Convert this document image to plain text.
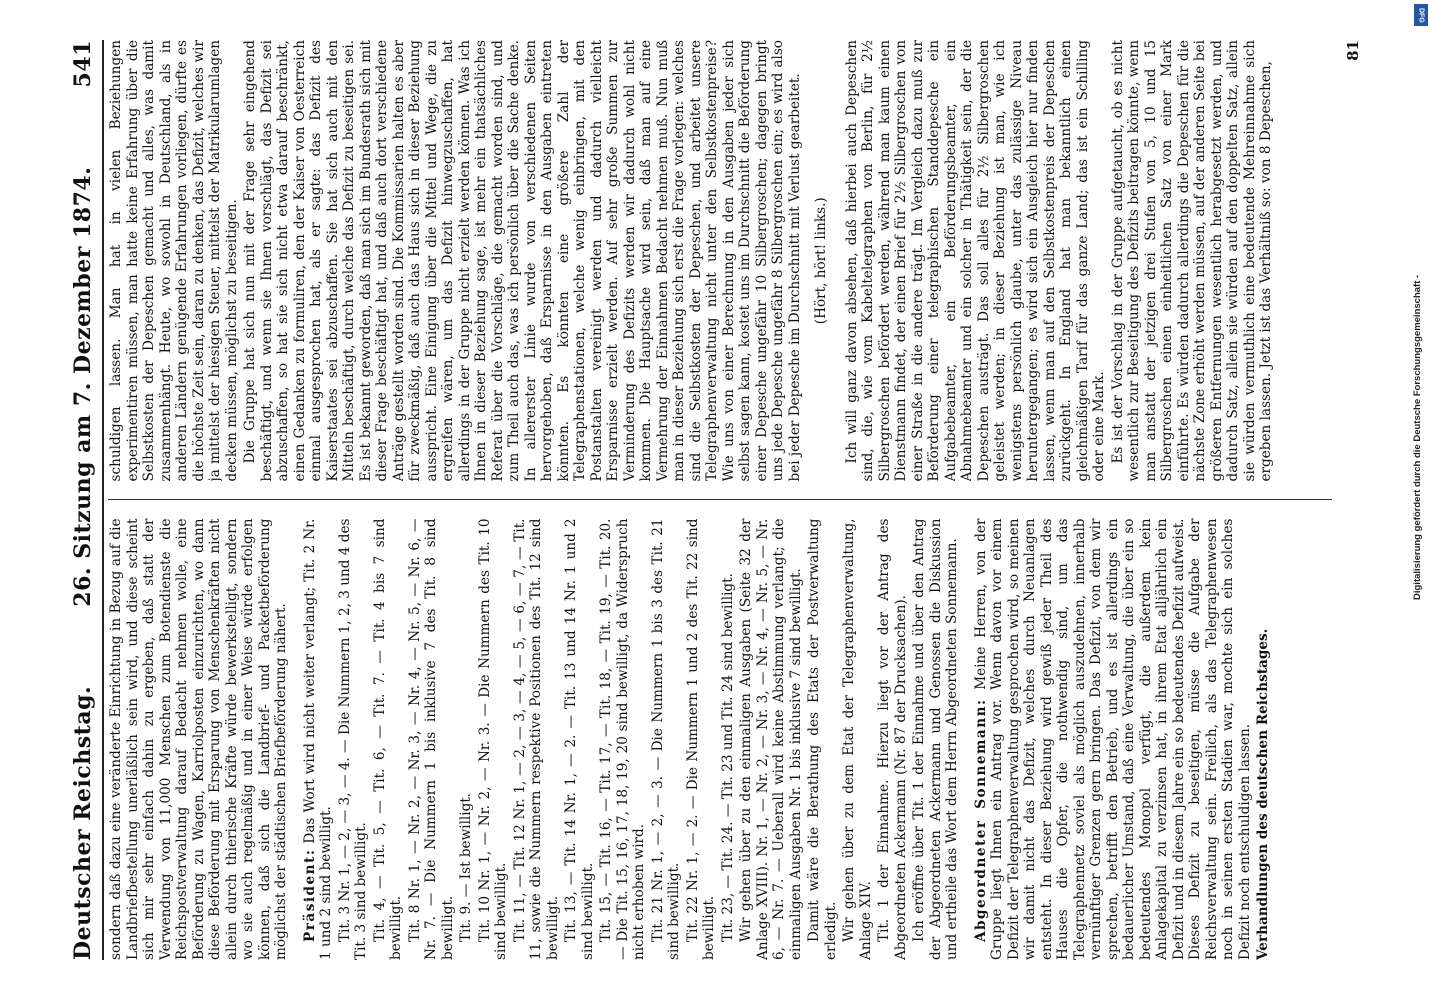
Deutscher Reichstag.
26. Sitzung am 7. Dezember 1874.
541

sondern daß dazu eine veränderte Einrichtung in Bezug auf die Landbriefbestellung unerläßlich sein wird, und diese scheint sich mir sehr einfach dahin zu ergeben, daß statt der Verwendung von 11,000 Menschen zum Botendienste die Reichspostverwaltung darauf Bedacht nehmen wolle, eine Beförderung zu Wagen, Karriolposten einzurichten, wo dann diese Beförderung mit Ersparung von Menschenkräften nicht allein durch thierische Kräfte würde bewerkstelligt, sondern wo sie auch regelmäßig und in einer Weise würde erfolgen können, daß sich die Landbrief- und Packetbeförderung möglichst der städtischen Briefbeförderung nähert. Präsident: Das Wort wird nicht weiter verlangt; Tit. 2 Nr. 1 und 2 sind bewilligt. Tit. 3 Nr. 1, — 2, — 3, — 4. — Die Nummern 1, 2, 3 und 4 des Tit. 3 sind bewilligt. Tit. 4, — Tit. 5, — Tit. 6, — Tit. 7. — Tit. 4 bis 7 sind bewilligt. Tit. 8 Nr. 1, — Nr. 2, — Nr. 3, — Nr. 4, — Nr. 5, — Nr. 6, — Nr. 7. — Die Nummern 1 bis inklusive 7 des Tit. 8 sind bewilligt. Tit. 9. — Ist bewilligt. Tit. 10 Nr. 1, — Nr. 2, — Nr. 3. — Die Nummern des Tit. 10 sind bewilligt. Tit. 11, — Tit. 12 Nr. 1, — 2, — 3, — 4, — 5, — 6, — 7, — Tit. 11, sowie die Nummern respektive Positionen des Tit. 12 sind bewilligt. Tit. 13, — Tit. 14 Nr. 1, — 2. — Tit. 13 und 14 Nr. 1 und 2 sind bewilligt. Tit. 15, — Tit. 16, — Tit. 17, — Tit. 18, — Tit. 19, — Tit. 20. — Die Tit. 15, 16, 17, 18, 19, 20 sind bewilligt, da Widerspruch nicht erhoben wird. Tit. 21 Nr. 1, — 2, — 3. — Die Nummern 1 bis 3 des Tit. 21 sind bewilligt. Tit. 22 Nr. 1, — 2. — Die Nummern 1 und 2 des Tit. 22 sind bewilligt. Tit. 23, — Tit. 24. — Tit. 23 und Tit. 24 sind bewilligt. Wir gehen über zu den einmaligen Ausgaben (Seite 32 der Anlage XVIII). Nr. 1, — Nr. 2, — Nr. 3, — Nr. 4, — Nr. 5, — Nr. 6, — Nr. 7. — Ueberall wird keine Abstimmung verlangt; die einmaligen Ausgaben Nr. 1 bis inklusive 7 sind bewilligt. Damit wäre die Berathung des Etats der Postverwaltung erledigt. Wir gehen über zu dem Etat der Telegraphenverwaltung, Anlage XIV. Tit. 1 der Einnahme. Hierzu liegt vor der Antrag des Abgeordneten Ackermann (Nr. 87 der Drucksachen). Ich eröffne über Tit. 1 der Einnahme und über den Antrag der Abgeordneten Ackermann und Genossen die Diskussion und ertheile das Wort dem Herrn Abgeordneten Sonnemann. Abgeordneter Sonnemann: Meine Herren, von der Gruppe liegt Ihnen ein Antrag vor. Wenn davon vor einem Defizit der Telegraphenverwaltung gesprochen wird, so meinen wir damit nicht das Defizit, welches durch Neuanlagen entsteht. In dieser Beziehung wird gewiß jeder Theil des Hauses die Opfer, die nothwendig sind, um das Telegraphennetz soviel als möglich auszudehnen, innerhalb vernünftiger Grenzen gern bringen. Das Defizit, von dem wir sprechen, betrifft den Betrieb, und es ist allerdings ein bedauerlicher Umstand, daß eine Verwaltung, die über ein so bedeutendes Monopol verfügt, die außerdem kein Anlagekapital zu verzinsen hat, in ihrem Etat alljährlich ein Defizit und in diesem Jahre ein so bedeutendes Defizit aufweist. Dieses Defizit zu beseitigen, müsse die Aufgabe der Reichsverwaltung sein. Freilich, als das Telegraphenwesen noch in seinen ersten Stadien war, mochte sich ein solches Defizit noch entschuldigen lassen. Verhandlungen des deutschen Reichstages.

schuldigen lassen. Man hat in vielen Beziehungen experimentiren müssen, man hatte keine Erfahrung über die Selbstkosten der Depeschen gemacht und alles, was damit zusammenhängt. Heute, wo sowohl in Deutschland, als in anderen Ländern genügende Erfahrungen vorliegen, dürfte es die höchste Zeit sein, daran zu denken, das Defizit, welches wir ja mittelst der hiesigen Steuer, mittelst der Matrikularumlagen decken müssen, möglichst zu beseitigen. Die Gruppe hat sich nun mit der Frage sehr eingehend beschäftigt, und wenn sie Ihnen vorschlägt, das Defizit sei abzuschaffen, so hat sie sich nicht etwa darauf beschränkt, einen Gedanken zu formuliren, den der Kaiser von Oesterreich einmal ausgesprochen hat, als er sagte: das Defizit des Kaiserstaates sei abzuschaffen. Sie hat sich auch mit den Mitteln beschäftigt, durch welche das Defizit zu beseitigen sei. Es ist bekannt geworden, daß man sich im Bundesrath sich mit dieser Frage beschäftigt hat, und daß auch dort verschiedene Anträge gestellt worden sind. Die Kommissarien halten es aber für zweckmäßig, daß auch das Haus sich in dieser Beziehung ausspricht. Eine Einigung über die Mittel und Wege, die zu ergreifen wären, um das Defizit hinwegzuschaffen, hat allerdings in der Gruppe nicht erzielt werden können. Was ich Ihnen in dieser Beziehung sage, ist mehr ein thatsächliches Referat über die Vorschläge, die gemacht worden sind, und zum Theil auch das, was ich persönlich über die Sache denke. In allererster Linie wurde von verschiedenen Seiten hervorgehoben, daß Ersparnisse in den Ausgaben eintreten könnten. Es könnten eine größere Zahl der Telegraphenstationen, welche wenig einbringen, mit den Postanstalten vereinigt werden und dadurch vielleicht Ersparnisse erzielt werden. Auf sehr große Summen zur Verminderung des Defizits werden wir dadurch wohl nicht kommen. Die Hauptsache wird sein, daß man auf eine Vermehrung der Einnahmen Bedacht nehmen muß. Nun muß man in dieser Beziehung sich erst die Frage vorlegen: welches sind die Selbstkosten der Depeschen, und arbeitet unsere Telegraphenverwaltung nicht unter den Selbstkostenpreise? Wie uns von einer Berechnung in den Ausgaben jeder sich selbst sagen kann, kostet uns im Durchschnitt die Beförderung einer Depesche ungefähr 10 Silbergroschen; dagegen bringt uns jede Depesche ungefähr 8 Silbergroschen ein; es wird also bei jeder Depesche im Durchschnitt mit Verlust gearbeitet. (Hört, hört! links.) Ich will ganz davon absehen, daß hierbei auch Depeschen sind, die, wie vom Kabeltelegraphen von Berlin, für 2½ Silbergroschen befördert werden, während man kaum einen Dienstmann findet, der einen Brief für 2½ Silbergroschen von einer Straße in die andere trägt. Im Vergleich dazu muß zur Beförderung einer telegraphischen Standdepesche ein Aufgabebeamter, ein Beförderungsbeamter, ein Abnahmebeamter und ein solcher in Thätigkeit sein, der die Depeschen austrägt. Das soll alles für 2½ Silbergroschen geleistet werden; in dieser Beziehung ist man, wie ich wenigstens persönlich glaube, unter das zulässige Niveau heruntergegangen; es wird sich ein Ausgleich hier nur finden lassen, wenn man auf den Selbstkostenpreis der Depeschen zurückgeht. In England hat man bekanntlich einen gleichmäßigen Tarif für das ganze Land; das ist ein Schilling oder eine Mark. Es ist der Vorschlag in der Gruppe aufgetaucht, ob es nicht wesentlich zur Beseitigung des Defizits beitragen könnte, wenn man anstatt der jetzigen drei Stufen von 5, 10 und 15 Silbergroschen einen einheitlichen Satz von einer Mark einführte. Es würden dadurch allerdings die Depeschen für die nächste Zone erhöht werden müssen, auf der anderen Seite bei größeren Entfernungen wesentlich herabgesetzt werden, und dadurch Satz, allein sie würden auf den doppelten Satz, allein sie würden vermuthlich eine bedeutende Mehreinnahme sich ergeben lassen. Jetzt ist das Verhältniß so: von 8 Depeschen,

81
DFG
Digitalisierung gefördert durch die Deutsche Forschungsgemeinschaft -
